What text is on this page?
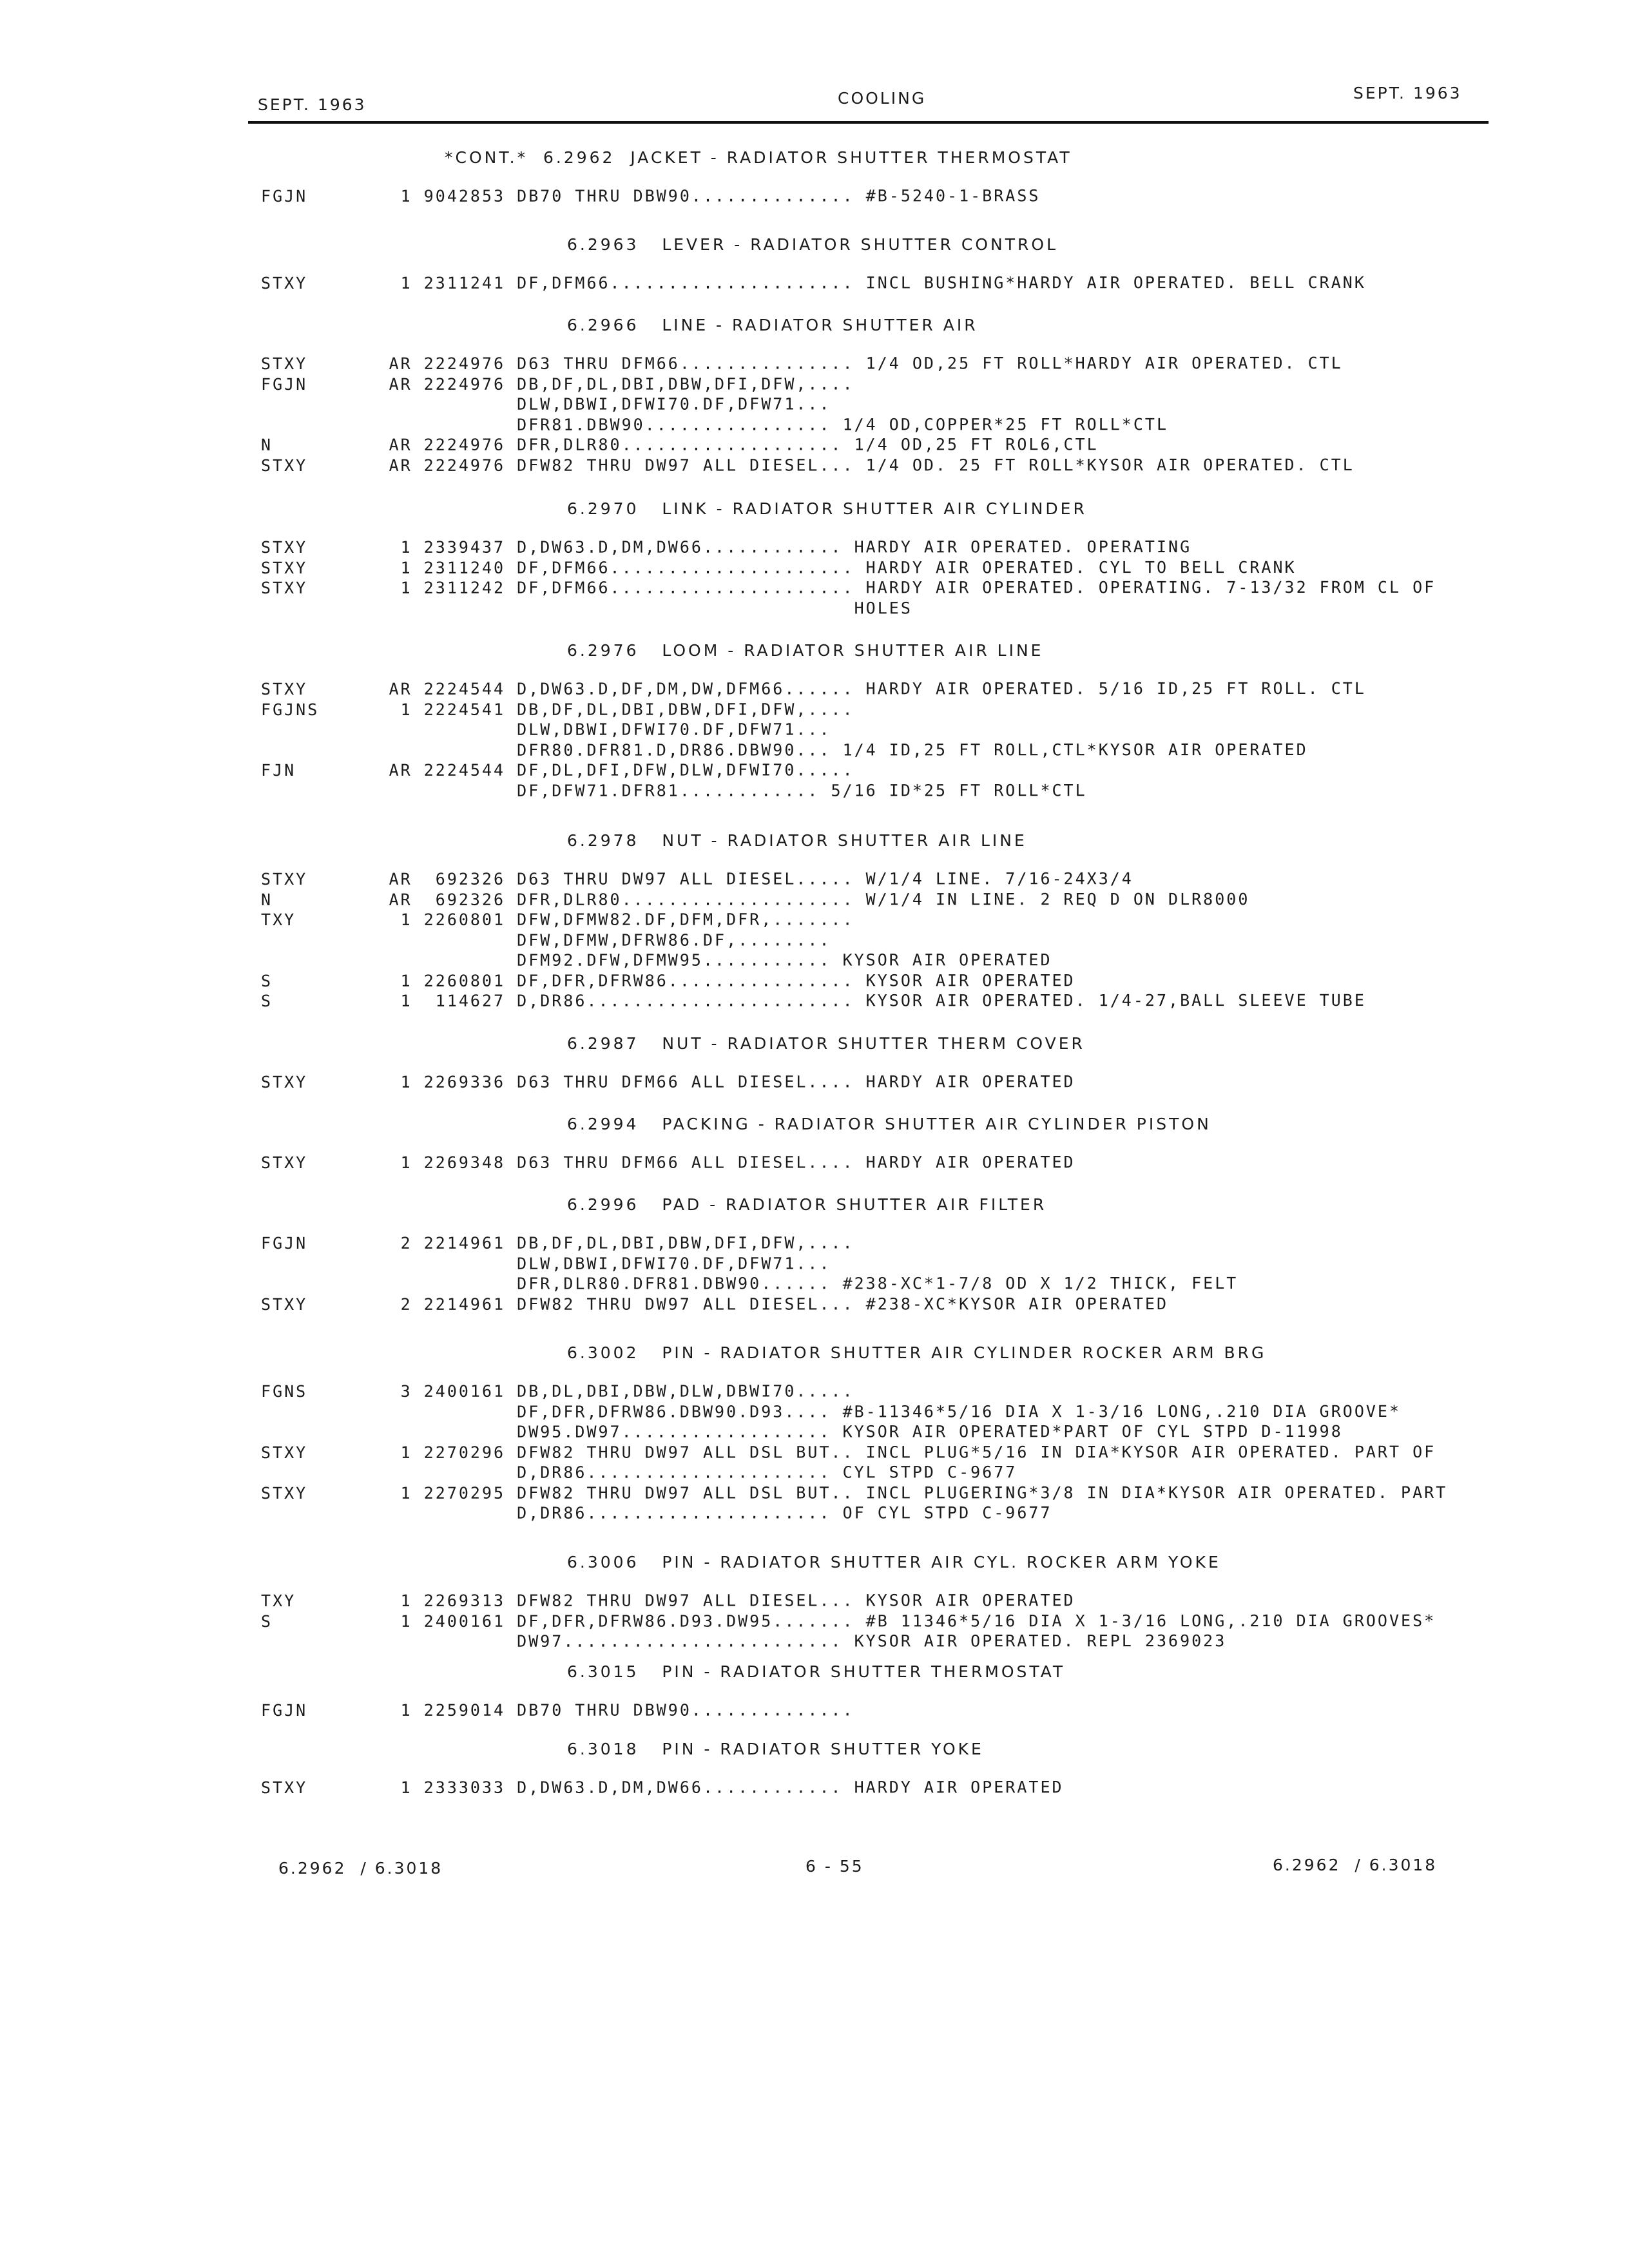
SEPT. 1963	COOLING	SEPT. 1963
*CONT.*  6.2962  JACKET - RADIATOR SHUTTER THERMOSTAT
FGJN        1 9042853 DB70 THRU DBW90.............. #B-5240-1-BRASS
6.2963   LEVER - RADIATOR SHUTTER CONTROL
STXY        1 2311241 DF,DFM66..................... INCL BUSHING*HARDY AIR OPERATED. BELL CRANK
6.2966   LINE - RADIATOR SHUTTER AIR
STXY       AR 2224976 D63 THRU DFM66............... 1/4 OD,25 FT ROLL*HARDY AIR OPERATED. CTL
FGJN       AR 2224976 DB,DF,DL,DBI,DBW,DFI,DFW,....
DLW,DBWI,DFWI70.DF,DFW71...
DFR81.DBW90................ 1/4 OD,COPPER*25 FT ROLL*CTL
N          AR 2224976 DFR,DLR80................... 1/4 OD,25 FT ROL6,CTL
STXY       AR 2224976 DFW82 THRU DW97 ALL DIESEL... 1/4 OD. 25 FT ROLL*KYSOR AIR OPERATED. CTL
6.2970   LINK - RADIATOR SHUTTER AIR CYLINDER
STXY        1 2339437 D,DW63.D,DM,DW66............ HARDY AIR OPERATED. OPERATING
STXY        1 2311240 DF,DFM66..................... HARDY AIR OPERATED. CYL TO BELL CRANK
STXY        1 2311242 DF,DFM66..................... HARDY AIR OPERATED. OPERATING. 7-13/32 FROM CL OF
HOLES
6.2976   LOOM - RADIATOR SHUTTER AIR LINE
STXY       AR 2224544 D,DW63.D,DF,DM,DW,DFM66...... HARDY AIR OPERATED. 5/16 ID,25 FT ROLL. CTL
FGJNS       1 2224541 DB,DF,DL,DBI,DBW,DFI,DFW,....
DLW,DBWI,DFWI70.DF,DFW71...
DFR80.DFR81.D,DR86.DBW90... 1/4 ID,25 FT ROLL,CTL*KYSOR AIR OPERATED
FJN        AR 2224544 DF,DL,DFI,DFW,DLW,DFWI70.....
DF,DFW71.DFR81............ 5/16 ID*25 FT ROLL*CTL
6.2978   NUT - RADIATOR SHUTTER AIR LINE
STXY       AR  692326 D63 THRU DW97 ALL DIESEL..... W/1/4 LINE. 7/16-24X3/4
N          AR  692326 DFR,DLR80.................... W/1/4 IN LINE. 2 REQ D ON DLR8000
TXY         1 2260801 DFW,DFMW82.DF,DFM,DFR,.......
DFW,DFMW,DFRW86.DF,........
DFM92.DFW,DFMW95........... KYSOR AIR OPERATED
S           1 2260801 DF,DFR,DFRW86................ KYSOR AIR OPERATED
S           1  114627 D,DR86....................... KYSOR AIR OPERATED. 1/4-27,BALL SLEEVE TUBE
6.2987   NUT - RADIATOR SHUTTER THERM COVER
STXY        1 2269336 D63 THRU DFM66 ALL DIESEL.... HARDY AIR OPERATED
6.2994   PACKING - RADIATOR SHUTTER AIR CYLINDER PISTON
STXY        1 2269348 D63 THRU DFM66 ALL DIESEL.... HARDY AIR OPERATED
6.2996   PAD - RADIATOR SHUTTER AIR FILTER
FGJN        2 2214961 DB,DF,DL,DBI,DBW,DFI,DFW,....
DLW,DBWI,DFWI70.DF,DFW71...
DFR,DLR80.DFR81.DBW90...... #238-XC*1-7/8 OD X 1/2 THICK, FELT
STXY        2 2214961 DFW82 THRU DW97 ALL DIESEL... #238-XC*KYSOR AIR OPERATED
6.3002   PIN - RADIATOR SHUTTER AIR CYLINDER ROCKER ARM BRG
FGNS        3 2400161 DB,DL,DBI,DBW,DLW,DBWI70.....
DF,DFR,DFRW86.DBW90.D93.... #B-11346*5/16 DIA X 1-3/16 LONG,.210 DIA GROOVE*
DW95.DW97.................. KYSOR AIR OPERATED*PART OF CYL STPD D-11998
STXY        1 2270296 DFW82 THRU DW97 ALL DSL BUT.. INCL PLUG*5/16 IN DIA*KYSOR AIR OPERATED. PART OF
D,DR86..................... CYL STPD C-9677
STXY        1 2270295 DFW82 THRU DW97 ALL DSL BUT.. INCL PLUGERING*3/8 IN DIA*KYSOR AIR OPERATED. PART
D,DR86..................... OF CYL STPD C-9677
6.3006   PIN - RADIATOR SHUTTER AIR CYL. ROCKER ARM YOKE
TXY         1 2269313 DFW82 THRU DW97 ALL DIESEL... KYSOR AIR OPERATED
S           1 2400161 DF,DFR,DFRW86.D93.DW95....... #B 11346*5/16 DIA X 1-3/16 LONG,.210 DIA GROOVES*
DW97........................ KYSOR AIR OPERATED. REPL 2369023
6.3015   PIN - RADIATOR SHUTTER THERMOSTAT
FGJN        1 2259014 DB70 THRU DBW90..............
6.3018   PIN - RADIATOR SHUTTER YOKE
STXY        1 2333033 D,DW63.D,DM,DW66............ HARDY AIR OPERATED
6.2962  / 6.3018	6 - 55	6.2962  / 6.3018
